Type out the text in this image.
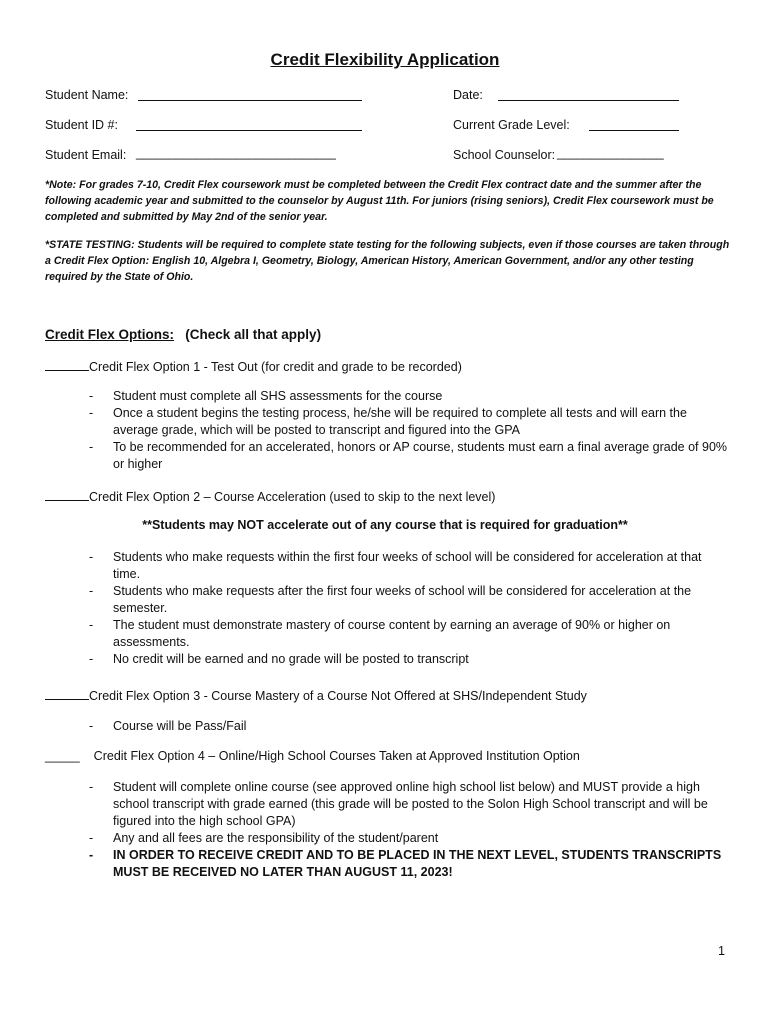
Credit Flexibility Application
Student Name:	Date:
Student ID #:	Current Grade Level:
Student Email: ______________________________	School Counselor: ________________
*Note: For grades 7-10, Credit Flex coursework must be completed between the Credit Flex contract date and the summer after the following academic year and submitted to the counselor by August 11th. For juniors (rising seniors), Credit Flex coursework must be completed and submitted by May 2nd of the senior year.
*STATE TESTING: Students will be required to complete state testing for the following subjects, even if those courses are taken through a Credit Flex Option: English 10, Algebra I, Geometry, Biology, American History, American Government, and/or any other testing required by the State of Ohio.
Credit Flex Options: (Check all that apply)
Credit Flex Option 1 - Test Out (for credit and grade to be recorded)
- Student must complete all SHS assessments for the course
- Once a student begins the testing process, he/she will be required to complete all tests and will earn the average grade, which will be posted to transcript and figured into the GPA
- To be recommended for an accelerated, honors or AP course, students must earn a final average grade of 90% or higher
Credit Flex Option 2 – Course Acceleration (used to skip to the next level)
**Students may NOT accelerate out of any course that is required for graduation**
- Students who make requests within the first four weeks of school will be considered for acceleration at that time.
- Students who make requests after the first four weeks of school will be considered for acceleration at the semester.
- The student must demonstrate mastery of course content by earning an average of 90% or higher on assessments.
- No credit will be earned and no grade will be posted to transcript
Credit Flex Option 3 - Course Mastery of a Course Not Offered at SHS/Independent Study
- Course will be Pass/Fail
_____ Credit Flex Option 4 – Online/High School Courses Taken at Approved Institution Option
- Student will complete online course (see approved online high school list below) and MUST provide a high school transcript with grade earned (this grade will be posted to the Solon High School transcript and will be figured into the high school GPA)
- Any and all fees are the responsibility of the student/parent
- IN ORDER TO RECEIVE CREDIT AND TO BE PLACED IN THE NEXT LEVEL, STUDENTS TRANSCRIPTS MUST BE RECEIVED NO LATER THAN AUGUST 11, 2023!
1
